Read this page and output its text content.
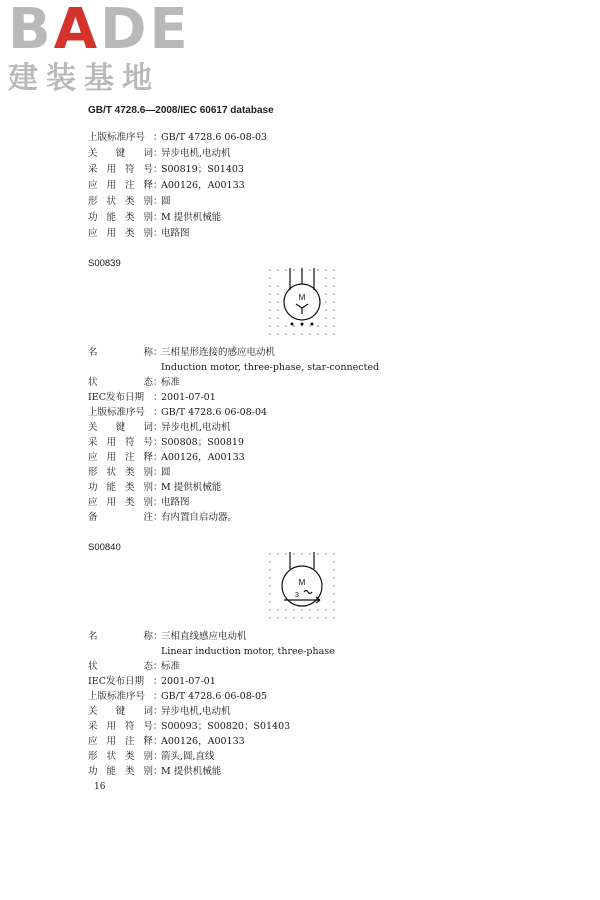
BADE
建装基地
GB/T 4728.6—2008/IEC 60617 database
上版标准序号 ：GB/T 4728.6 06-08-03
关键词：异步电机,电动机
采用符号：S00819；S01403
应用注释：A00126，A00133
形状类别：圆
功能类别：M 提供机械能
应用类别：电路图
S00839
M
名称：三相星形连接的感应电动机
Induction motor, three-phase, star-connected
状态：标准
IEC发布日期 ：2001-07-01
上版标准序号 ：GB/T 4728.6 06-08-04
关键词：异步电机,电动机
采用符号：S00808；S00819
应用注释：A00126，A00133
形状类别：圆
功能类别：M 提供机械能
应用类别：电路图
备注：有内置自启动器。
S00840
M
3
名称：三相直线感应电动机
Linear induction motor, three-phase
状态：标准
IEC发布日期 ：2001-07-01
上版标准序号 ：GB/T 4728.6 06-08-05
关键词：异步电机,电动机
采用符号：S00093；S00820；S01403
应用注释：A00126，A00133
形状类别：箭头,圆,直线
功能类别：M 提供机械能
16
